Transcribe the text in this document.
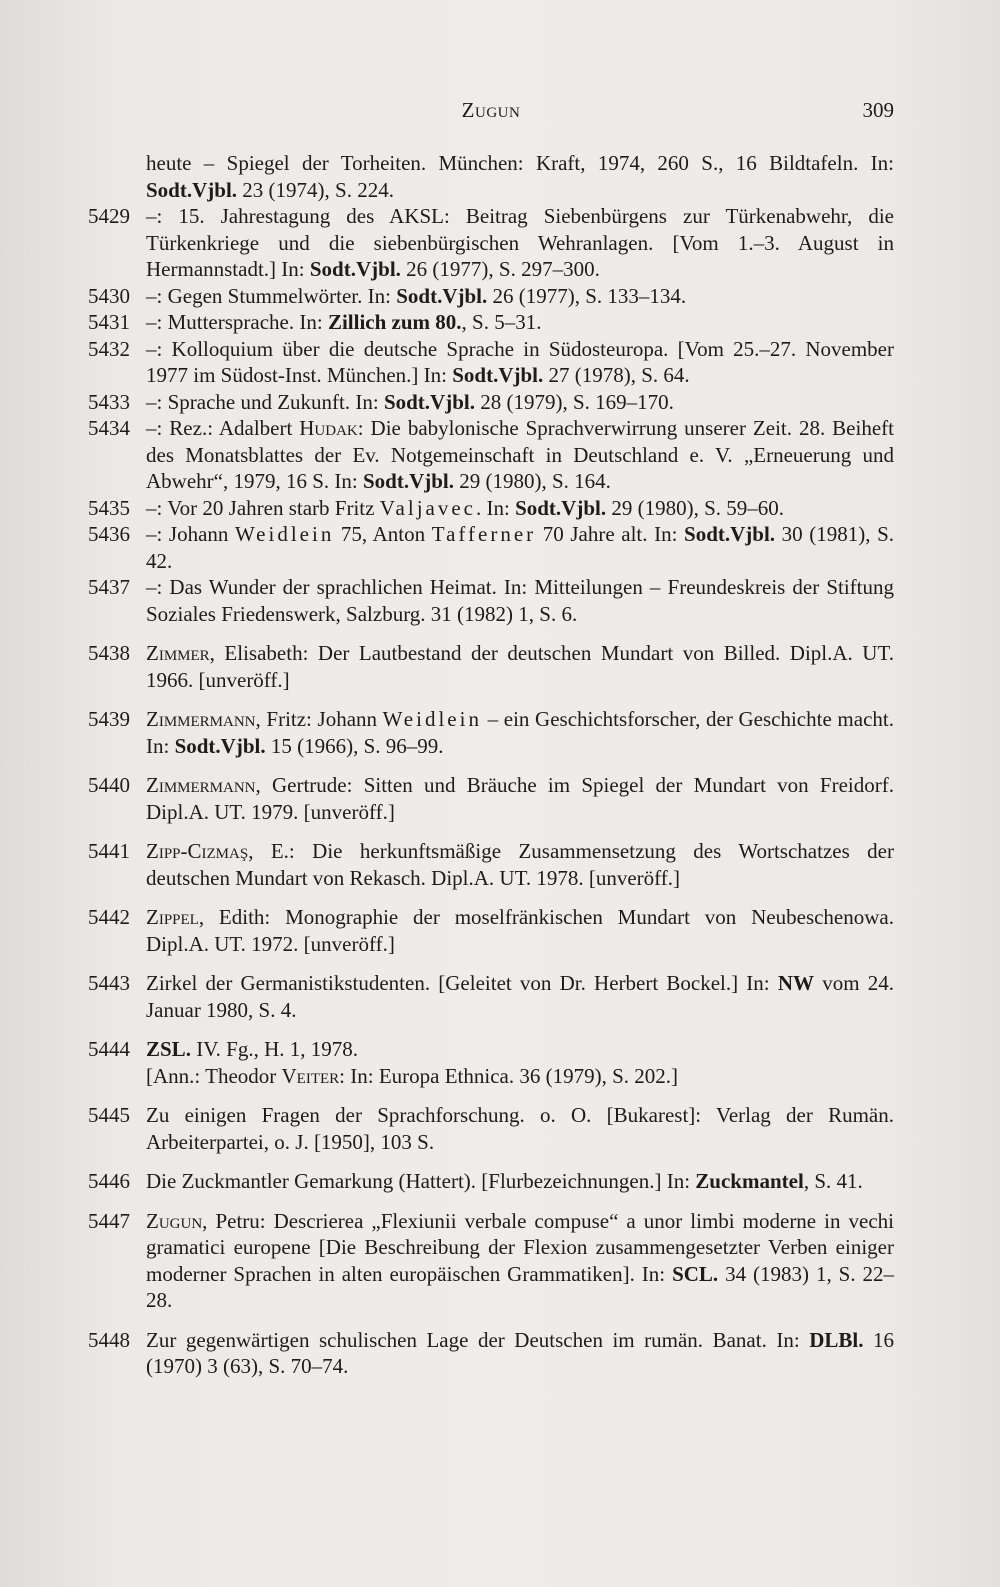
Zugun	309
heute – Spiegel der Torheiten. München: Kraft, 1974, 260 S., 16 Bildtafeln. In: Sodt.Vjbl. 23 (1974), S. 224.
5429 –: 15. Jahrestagung des AKSL: Beitrag Siebenbürgens zur Türkenabwehr, die Türkenkriege und die siebenbürgischen Wehranlagen. [Vom 1.–3. August in Hermannstadt.] In: Sodt.Vjbl. 26 (1977), S. 297–300.
5430 –: Gegen Stummelwörter. In: Sodt.Vjbl. 26 (1977), S. 133–134.
5431 –: Muttersprache. In: Zillich zum 80., S. 5–31.
5432 –: Kolloquium über die deutsche Sprache in Südosteuropa. [Vom 25.–27. November 1977 im Südost-Inst. München.] In: Sodt.Vjbl. 27 (1978), S. 64.
5433 –: Sprache und Zukunft. In: Sodt.Vjbl. 28 (1979), S. 169–170.
5434 –: Rez.: Adalbert Hudak: Die babylonische Sprachverwirrung unserer Zeit. 28. Beiheft des Monatsblattes der Ev. Notgemeinschaft in Deutschland e. V. „Erneuerung und Abwehr“, 1979, 16 S. In: Sodt.Vjbl. 29 (1980), S. 164.
5435 –: Vor 20 Jahren starb Fritz Valjavec. In: Sodt.Vjbl. 29 (1980), S. 59–60.
5436 –: Johann Weidlein 75, Anton Tafferner 70 Jahre alt. In: Sodt.Vjbl. 30 (1981), S. 42.
5437 –: Das Wunder der sprachlichen Heimat. In: Mitteilungen – Freundeskreis der Stiftung Soziales Friedenswerk, Salzburg. 31 (1982) 1, S. 6.
5438 Zimmer, Elisabeth: Der Lautbestand der deutschen Mundart von Billed. Dipl.A. UT. 1966. [unveröff.]
5439 Zimmermann, Fritz: Johann Weidlein – ein Geschichtsforscher, der Geschichte macht. In: Sodt.Vjbl. 15 (1966), S. 96–99.
5440 Zimmermann, Gertrude: Sitten und Bräuche im Spiegel der Mundart von Freidorf. Dipl.A. UT. 1979. [unveröff.]
5441 Zipp-Cizmaş, E.: Die herkunftsmäßige Zusammensetzung des Wortschatzes der deutschen Mundart von Rekasch. Dipl.A. UT. 1978. [unveröff.]
5442 Zippel, Edith: Monographie der moselfränkischen Mundart von Neubeschenowa. Dipl.A. UT. 1972. [unveröff.]
5443 Zirkel der Germanistikstudenten. [Geleitet von Dr. Herbert Bockel.] In: NW vom 24. Januar 1980, S. 4.
5444 ZSL. IV. Fg., H. 1, 1978.
[Ann.: Theodor Veiter: In: Europa Ethnica. 36 (1979), S. 202.]
5445 Zu einigen Fragen der Sprachforschung. o. O. [Bukarest]: Verlag der Rumän. Arbeiterpartei, o. J. [1950], 103 S.
5446 Die Zuckmantler Gemarkung (Hattert). [Flurbezeichnungen.] In: Zuckmantel, S. 41.
5447 Zugun, Petru: Descrierea „Flexiunii verbale compuse“ a unor limbi moderne in vechi gramatici europene [Die Beschreibung der Flexion zusammengesetzter Verben einiger moderner Sprachen in alten europäischen Grammatiken]. In: SCL. 34 (1983) 1, S. 22–28.
5448 Zur gegenwärtigen schulischen Lage der Deutschen im rumän. Banat. In: DLBl. 16 (1970) 3 (63), S. 70–74.
